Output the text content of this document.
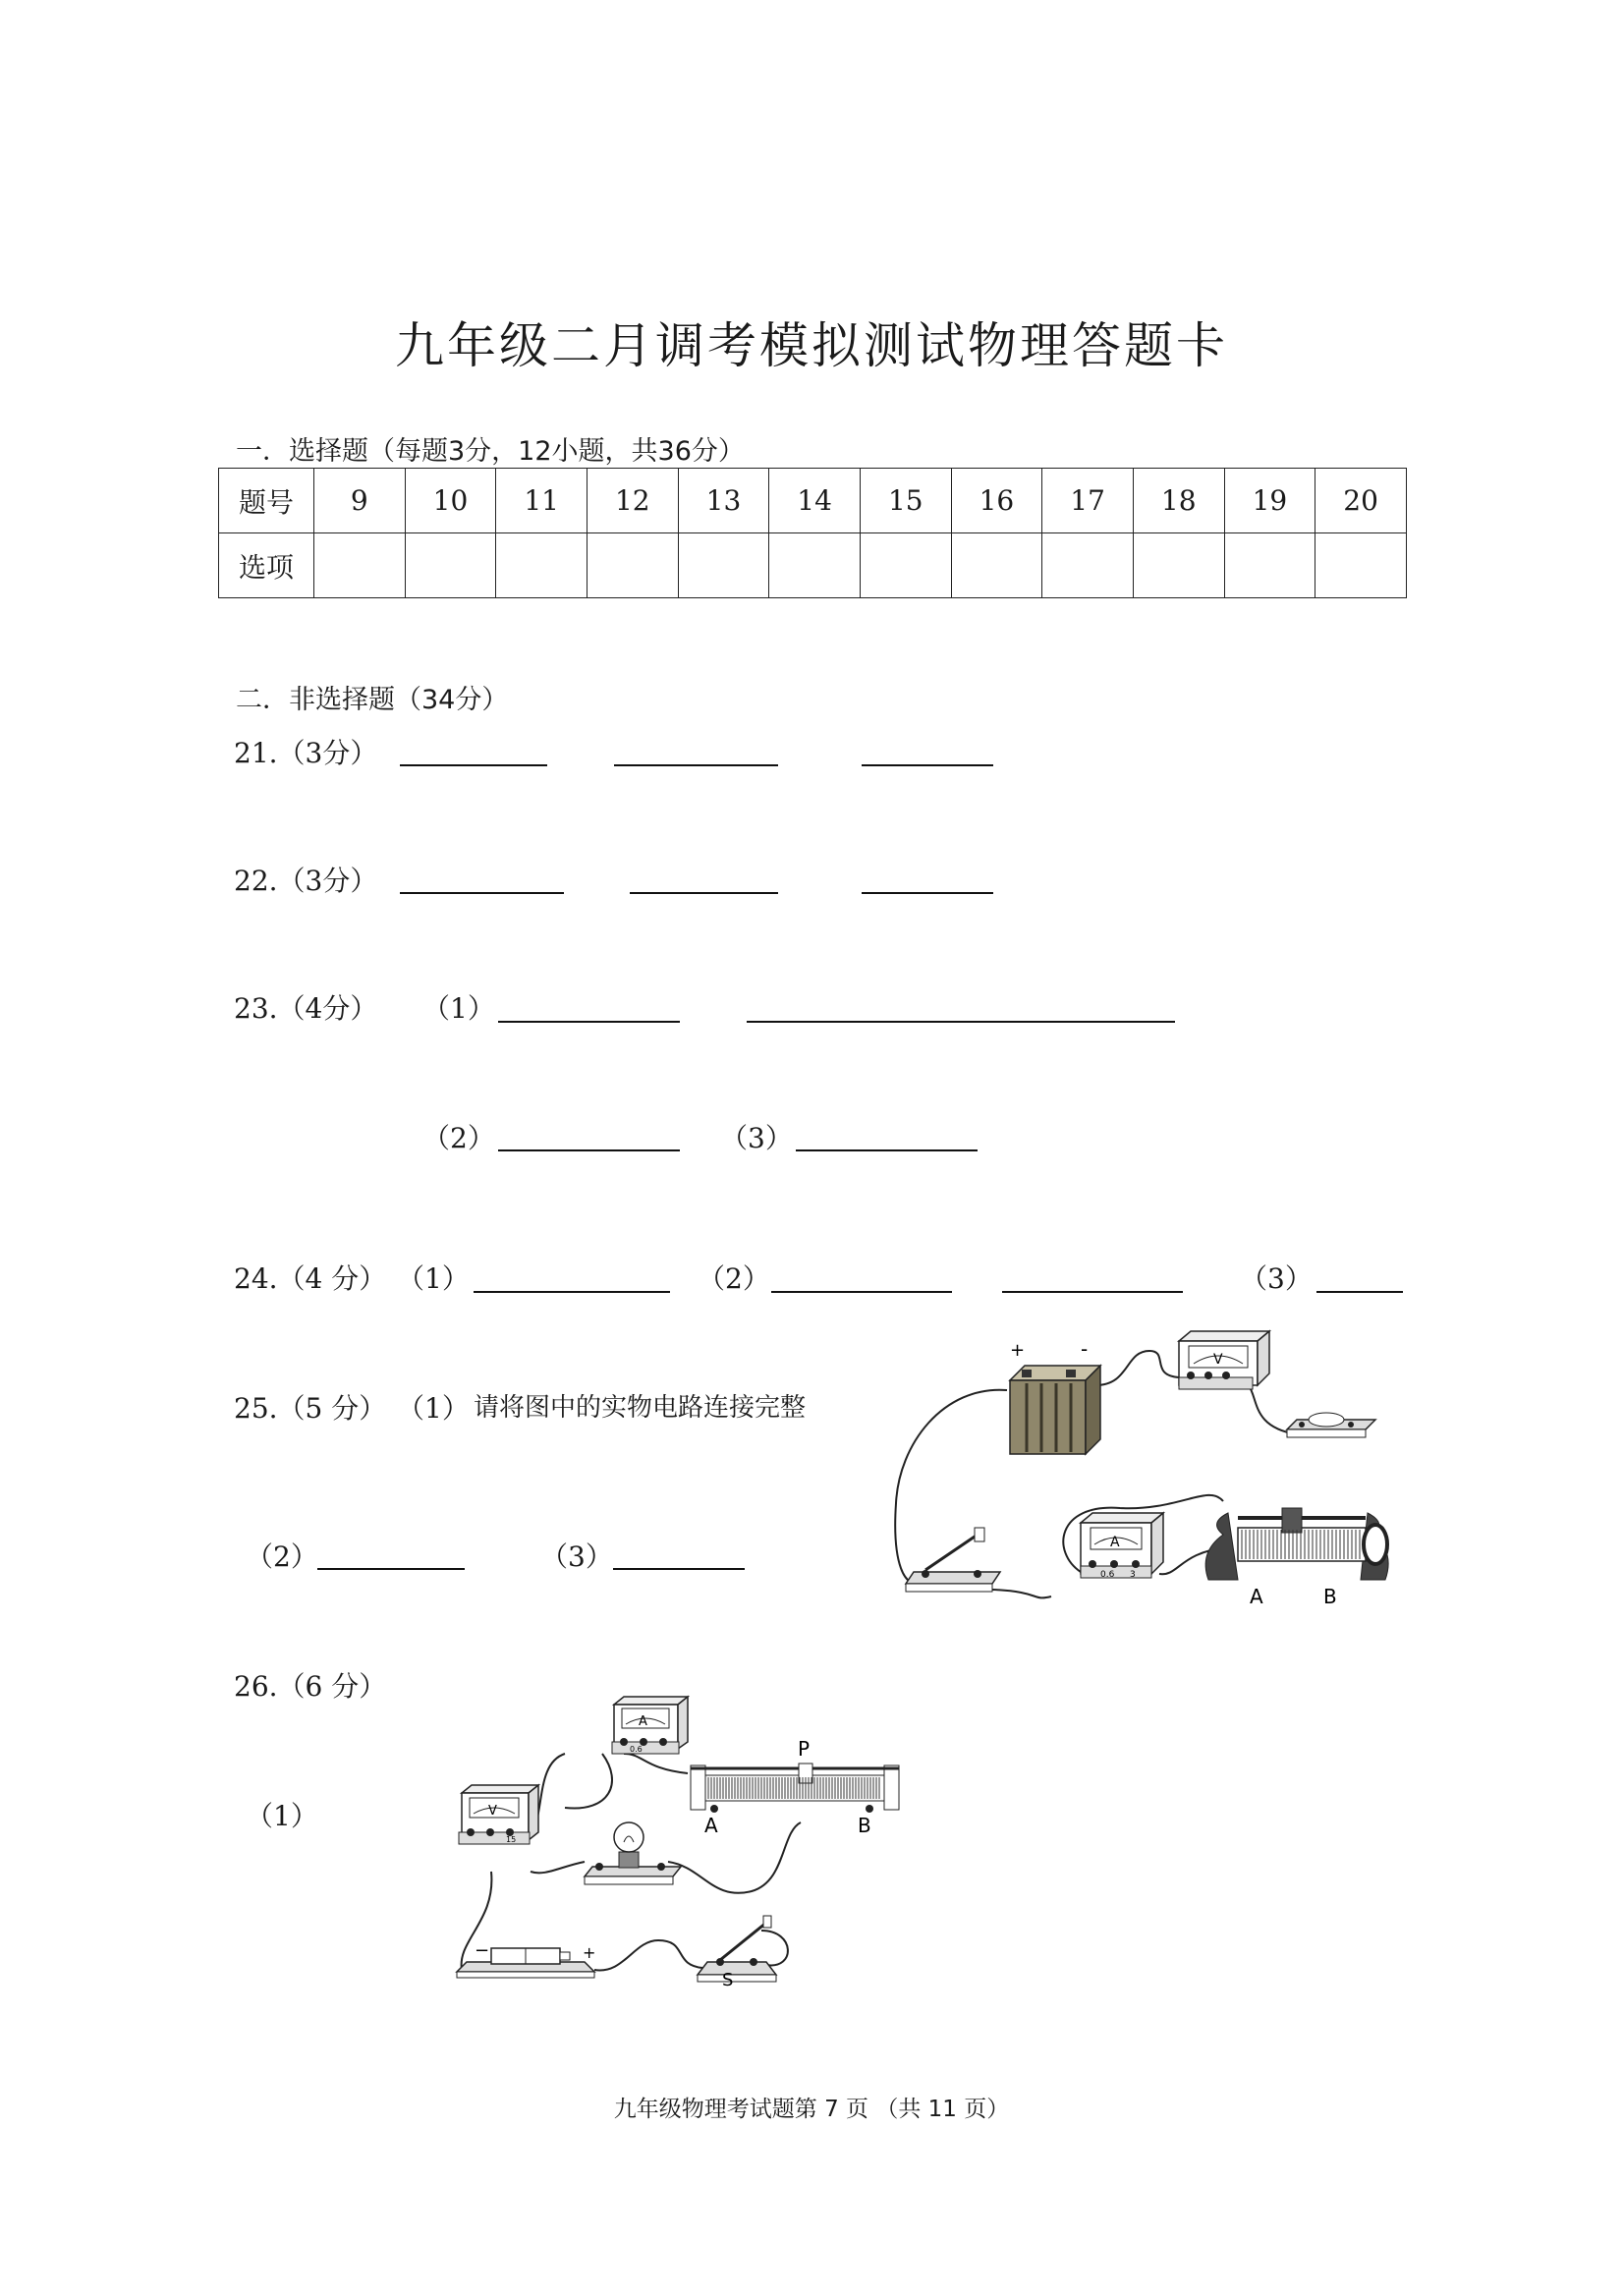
九年级二月调考模拟测试物理答题卡
一．选择题（每题3分，12小题，共36分）
题号	9	10	11	12	13	14	15	16	17	18	19	20
选项												
二．非选择题（34分）
21.（3分）
22.（3分）
23.（4分） （1）
（2）	（3）
24.（4 分） （1）	（2）	（3）
25.（5 分） （1） 请将图中的实物电路连接完整
（2）	（3）
+	-	V
A
0.6 3
A	B
26.（6 分）
（1）
A
0.6
V
15
P
A	B
−	+
S
九年级物理考试题第 7 页 （共 11 页）
